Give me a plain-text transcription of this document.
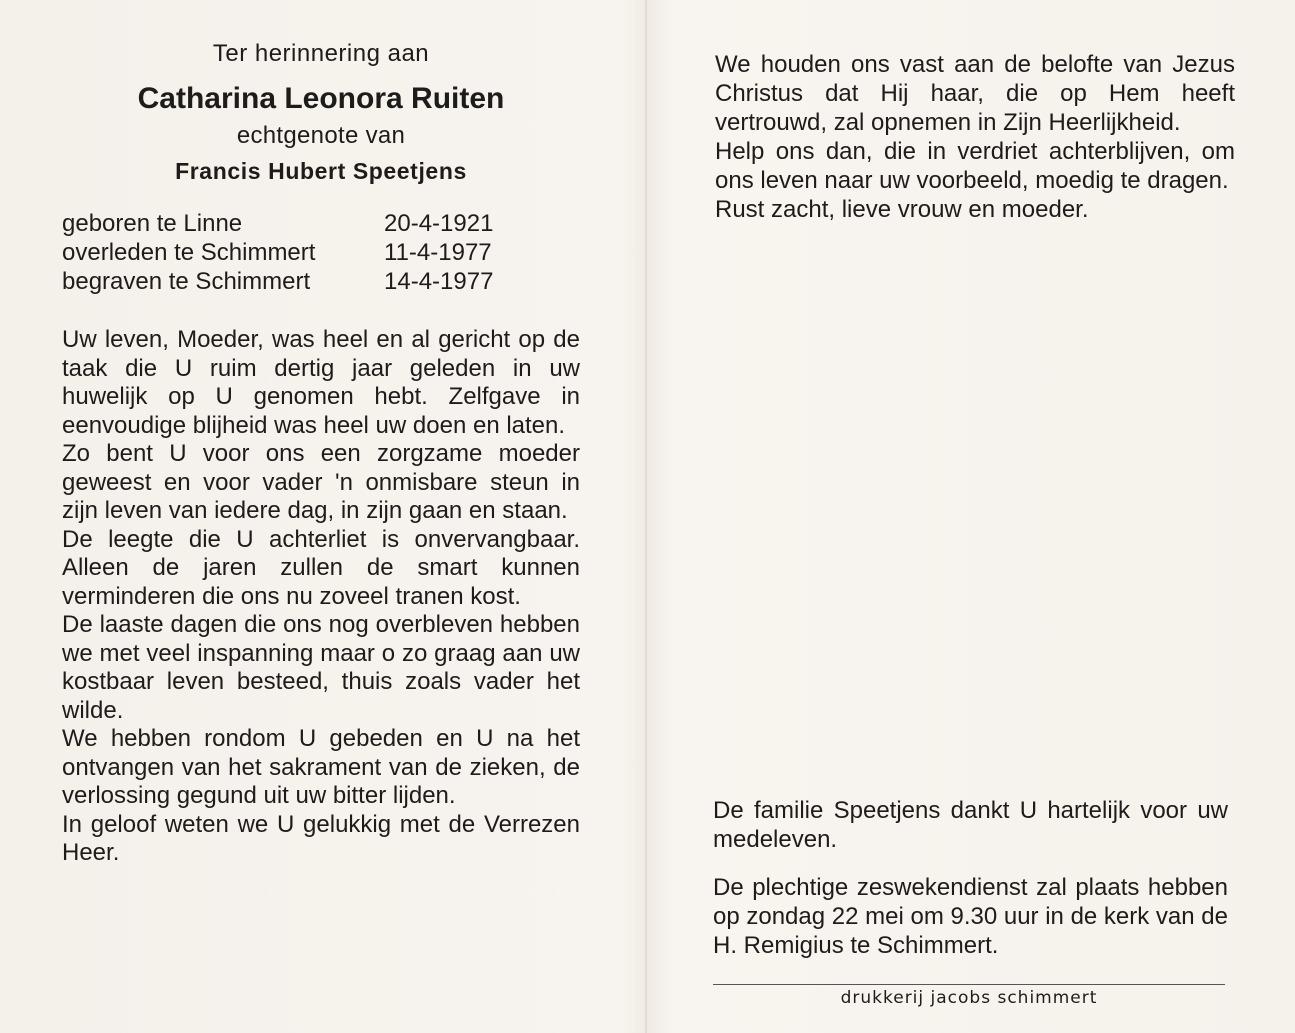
Ter herinnering aan
Catharina Leonora Ruiten
echtgenote van
Francis Hubert Speetjens
geboren te Linne	20-4-1921
overleden te Schimmert	11-4-1977
begraven te Schimmert	14-4-1977

Uw leven, Moeder, was heel en al gericht op de taak die U ruim dertig jaar geleden in uw huwelijk op U genomen hebt. Zelfgave in eenvoudige blijheid was heel uw doen en laten.

Zo bent U voor ons een zorgzame moeder geweest en voor vader 'n onmisbare steun in zijn leven van iedere dag, in zijn gaan en staan.

De leegte die U achterliet is onvervangbaar. Alleen de jaren zullen de smart kunnen verminderen die ons nu zoveel tranen kost.

De laaste dagen die ons nog overbleven hebben we met veel inspanning maar o zo graag aan uw kostbaar leven besteed, thuis zoals vader het wilde.

We hebben rondom U gebeden en U na het ontvangen van het sakrament van de zieken, de verlossing gegund uit uw bitter lijden.

In geloof weten we U gelukkig met de Verrezen Heer.

We houden ons vast aan de belofte van Jezus Christus dat Hij haar, die op Hem heeft vertrouwd, zal opnemen in Zijn Heerlijkheid.

Help ons dan, die in verdriet achterblijven, om ons leven naar uw voorbeeld, moedig te dragen.

Rust zacht, lieve vrouw en moeder.

De familie Speetjens dankt U hartelijk voor uw medeleven.
De plechtige zeswekendienst zal plaats hebben op zondag 22 mei om 9.30 uur in de kerk van de H. Remigius te Schimmert.
drukkerij jacobs schimmert
